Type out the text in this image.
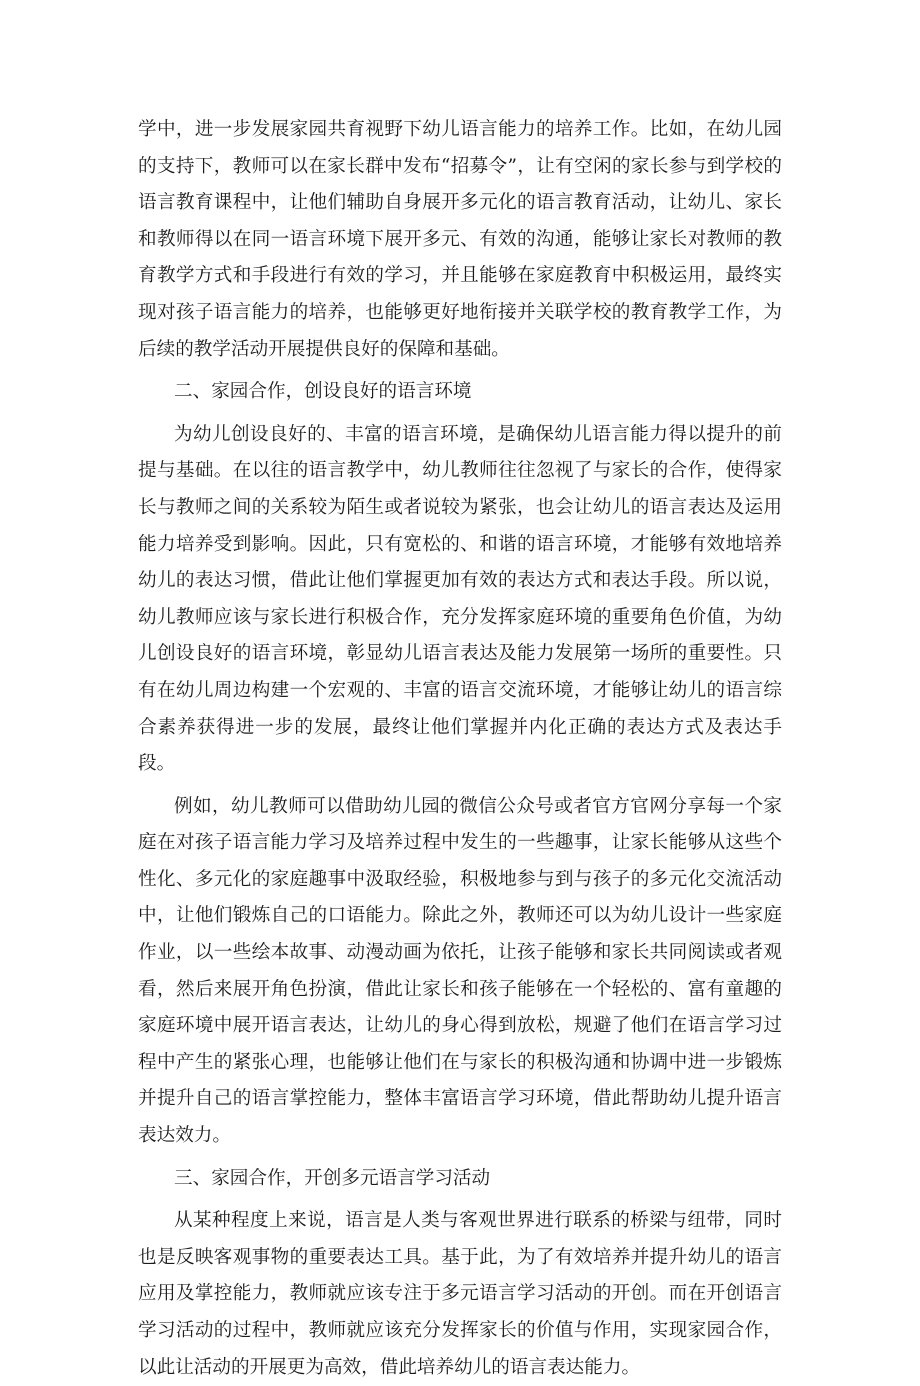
学中，进一步发展家园共育视野下幼儿语言能力的培养工作。比如，在幼儿园的支持下，教师可以在家长群中发布“招募令”，让有空闲的家长参与到学校的语言教育课程中，让他们辅助自身展开多元化的语言教育活动，让幼儿、家长和教师得以在同一语言环境下展开多元、有效的沟通，能够让家长对教师的教育教学方式和手段进行有效的学习，并且能够在家庭教育中积极运用，最终实现对孩子语言能力的培养，也能够更好地衔接并关联学校的教育教学工作，为后续的教学活动开展提供良好的保障和基础。

二、家园合作，创设良好的语言环境

为幼儿创设良好的、丰富的语言环境，是确保幼儿语言能力得以提升的前提与基础。在以往的语言教学中，幼儿教师往往忽视了与家长的合作，使得家长与教师之间的关系较为陌生或者说较为紧张，也会让幼儿的语言表达及运用能力培养受到影响。因此，只有宽松的、和谐的语言环境，才能够有效地培养幼儿的表达习惯，借此让他们掌握更加有效的表达方式和表达手段。所以说，幼儿教师应该与家长进行积极合作，充分发挥家庭环境的重要角色价值，为幼儿创设良好的语言环境，彰显幼儿语言表达及能力发展第一场所的重要性。只有在幼儿周边构建一个宏观的、丰富的语言交流环境，才能够让幼儿的语言综合素养获得进一步的发展，最终让他们掌握并内化正确的表达方式及表达手段。

例如，幼儿教师可以借助幼儿园的微信公众号或者官方官网分享每一个家庭在对孩子语言能力学习及培养过程中发生的一些趣事，让家长能够从这些个性化、多元化的家庭趣事中汲取经验，积极地参与到与孩子的多元化交流活动中，让他们锻炼自己的口语能力。除此之外，教师还可以为幼儿设计一些家庭作业，以一些绘本故事、动漫动画为依托，让孩子能够和家长共同阅读或者观看，然后来展开角色扮演，借此让家长和孩子能够在一个轻松的、富有童趣的家庭环境中展开语言表达，让幼儿的身心得到放松，规避了他们在语言学习过程中产生的紧张心理，也能够让他们在与家长的积极沟通和协调中进一步锻炼并提升自己的语言掌控能力，整体丰富语言学习环境，借此帮助幼儿提升语言表达效力。

三、家园合作，开创多元语言学习活动

从某种程度上来说，语言是人类与客观世界进行联系的桥梁与纽带，同时也是反映客观事物的重要表达工具。基于此，为了有效培养并提升幼儿的语言应用及掌控能力，教师就应该专注于多元语言学习活动的开创。而在开创语言学习活动的过程中，教师就应该充分发挥家长的价值与作用，实现家园合作，以此让活动的开展更为高效，借此培养幼儿的语言表达能力。
